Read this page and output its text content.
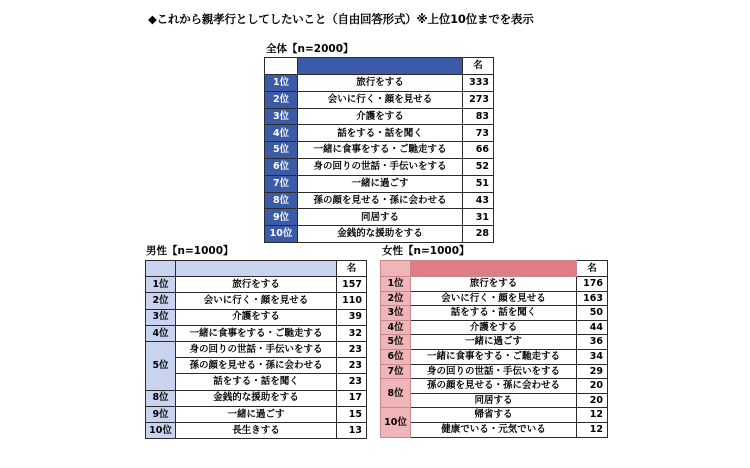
◆これから親孝行としてしたいこと（自由回答形式）※上位10位までを表示
全体【n=2000】
		名
1位	旅行をする	333
2位	会いに行く・顔を見せる	273
3位	介護をする	83
4位	話をする・話を聞く	73
5位	一緒に食事をする・ご馳走する	66
6位	身の回りの世話・手伝いをする	52
7位	一緒に過ごす	51
8位	孫の顔を見せる・孫に会わせる	43
9位	同居する	31
10位	金銭的な援助をする	28
男性【n=1000】
		名
1位	旅行をする	157
2位	会いに行く・顔を見せる	110
3位	介護をする	39
4位	一緒に食事をする・ご馳走する	32
5位	身の回りの世話・手伝いをする	23
	孫の顔を見せる・孫に会わせる	23
	話をする・話を聞く	23
8位	金銭的な援助をする	17
9位	一緒に過ごす	15
10位	長生きする	13
女性【n=1000】
		名
1位	旅行をする	176
2位	会いに行く・顔を見せる	163
3位	話をする・話を聞く	50
4位	介護をする	44
5位	一緒に過ごす	36
6位	一緒に食事をする・ご馳走する	34
7位	身の回りの世話・手伝いをする	29
8位	孫の顔を見せる・孫に会わせる	20
	同居する	20
10位	帰省する	12
	健康でいる・元気でいる	12
